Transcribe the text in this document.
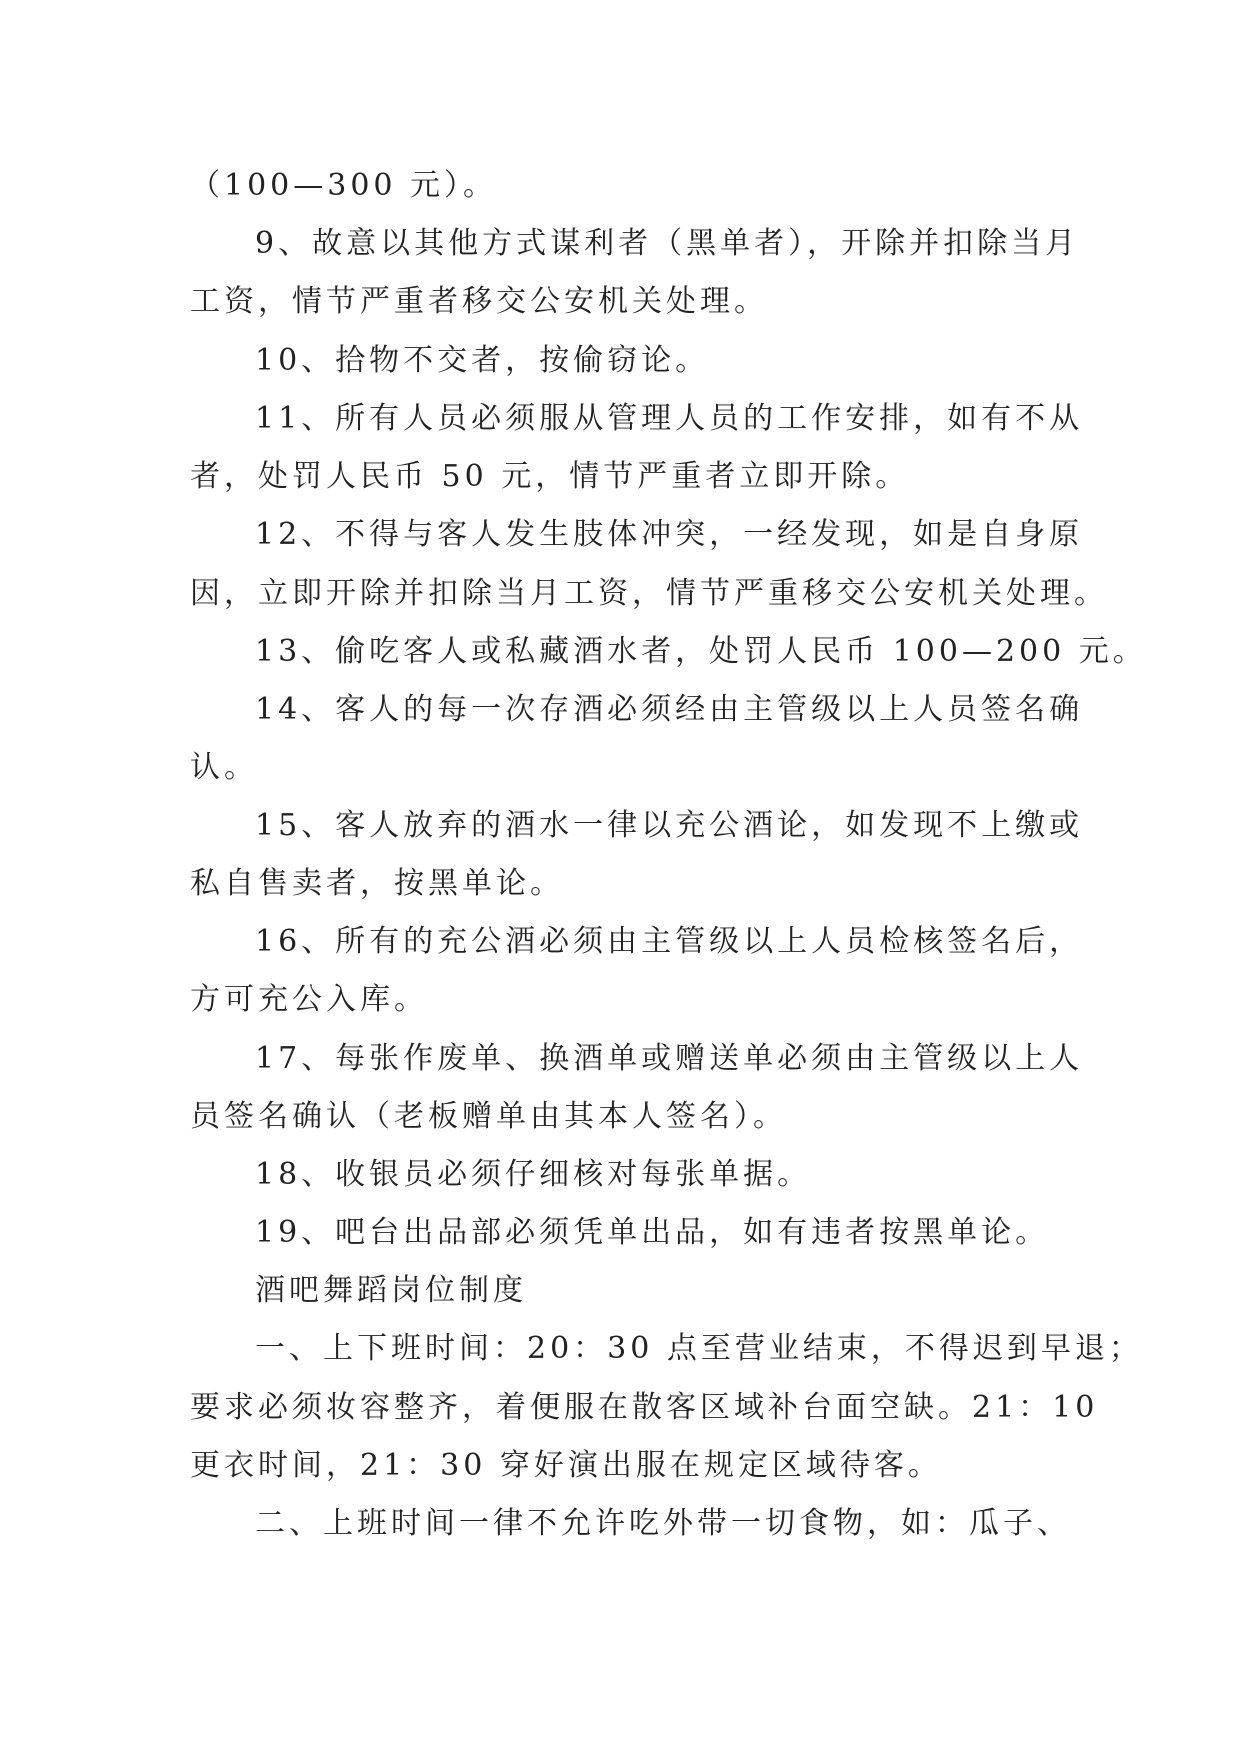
（100—300 元）。
9、故意以其他方式谋利者（黑单者），开除并扣除当月
工资，情节严重者移交公安机关处理。
10、拾物不交者，按偷窃论。
11、所有人员必须服从管理人员的工作安排，如有不从
者，处罚人民币 50 元，情节严重者立即开除。
12、不得与客人发生肢体冲突，一经发现，如是自身原
因，立即开除并扣除当月工资，情节严重移交公安机关处理。
13、偷吃客人或私藏酒水者，处罚人民币 100—200 元。
14、客人的每一次存酒必须经由主管级以上人员签名确
认。
15、客人放弃的酒水一律以充公酒论，如发现不上缴或
私自售卖者，按黑单论。
16、所有的充公酒必须由主管级以上人员检核签名后，
方可充公入库。
17、每张作废单、换酒单或赠送单必须由主管级以上人
员签名确认（老板赠单由其本人签名）。
18、收银员必须仔细核对每张单据。
19、吧台出品部必须凭单出品，如有违者按黑单论。
酒吧舞蹈岗位制度
一、上下班时间：20：30 点至营业结束，不得迟到早退；
要求必须妆容整齐，着便服在散客区域补台面空缺。21：10
更衣时间，21：30 穿好演出服在规定区域待客。
二、上班时间一律不允许吃外带一切食物，如：瓜子、
